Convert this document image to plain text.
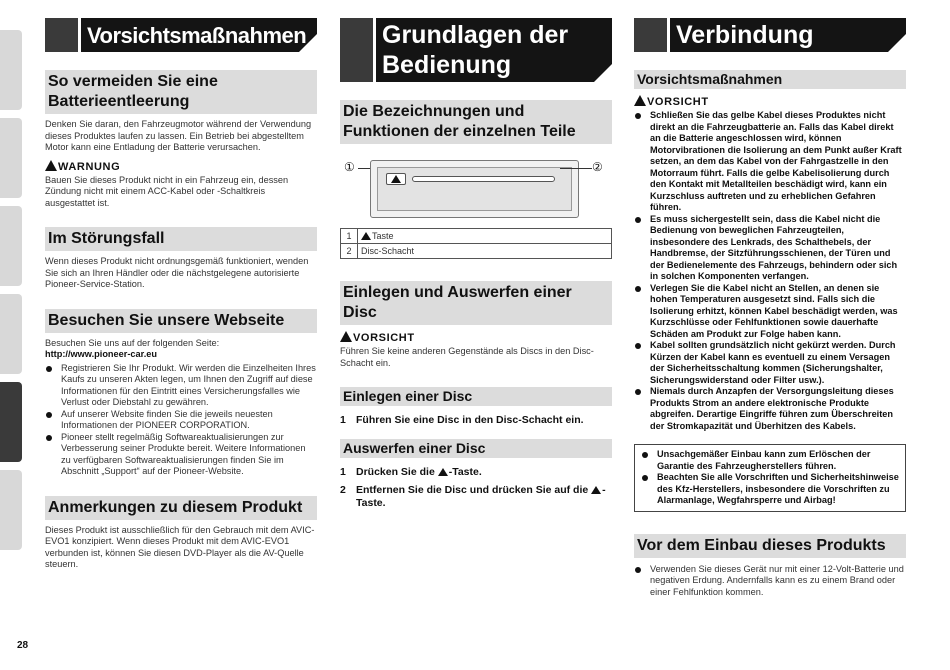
Vorsichtsmaßnahmen
So vermeiden Sie eine Batterieentleerung

Denken Sie daran, den Fahrzeugmotor während der Verwendung dieses Produktes laufen zu lassen. Ein Betrieb bei abgestelltem Motor kann eine Entladung der Batterie verursachen.

WARNUNG

Bauen Sie dieses Produkt nicht in ein Fahrzeug ein, dessen Zündung nicht mit einem ACC-Kabel oder -Schaltkreis ausgestattet ist.

Im Störungsfall

Wenn dieses Produkt nicht ordnungsgemäß funktioniert, wenden Sie sich an Ihren Händler oder die nächstgelegene autorisierte Pioneer-Service-Station.

Besuchen Sie unsere Webseite

Besuchen Sie uns auf der folgenden Seite:

http://www.pioneer-car.eu

Registrieren Sie Ihr Produkt. Wir werden die Einzelheiten Ihres Kaufs zu unseren Akten legen, um Ihnen den Zugriff auf diese Informationen für den Eintritt eines Versicherungsfalles wie Verlust oder Diebstahl zu gewähren.
Auf unserer Website finden Sie die jeweils neuesten Informationen der PIONEER CORPORATION.
Pioneer stellt regelmäßig Softwareaktualisierungen zur Verbesserung seiner Produkte bereit. Weitere Informationen zu verfügbaren Softwareaktualisierungen finden Sie im Abschnitt „Support“ auf der Pioneer-Website.
Anmerkungen zu diesem Produkt

Dieses Produkt ist ausschließlich für den Gebrauch mit dem AVIC-EVO1 konzipiert. Wenn dieses Produkt mit dem AVIC-EVO1 verbunden ist, können Sie diesen DVD-Player als die AV-Quelle steuern.

Grundlagen der
Bedienung
Die Bezeichnungen und Funktionen der einzelnen Teile
①	②
1	Taste
2	Disc-Schacht
Einlegen und Auswerfen einer Disc
VORSICHT

Führen Sie keine anderen Gegenstände als Discs in den Disc-Schacht ein.

Einlegen einer Disc
1 Führen Sie eine Disc in den Disc-Schacht ein.
Auswerfen einer Disc
1 Drücken Sie die -Taste.
2 Entfernen Sie die Disc und drücken Sie auf die -Taste.
Verbindung
Vorsichtsmaßnahmen
VORSICHT
Schließen Sie das gelbe Kabel dieses Produktes nicht direkt an die Fahrzeugbatterie an. Falls das Kabel direkt an die Batterie angeschlossen wird, können Motorvibrationen die Isolierung an dem Punkt außer Kraft setzen, an dem das Kabel von der Fahrgastzelle in den Motorraum führt. Falls die gelbe Kabelisolierung durch den Kontakt mit Metallteilen beschädigt wird, kann ein Kurzschluss auftreten und zu erheblichen Gefahren führen.
Es muss sichergestellt sein, dass die Kabel nicht die Bedienung von beweglichen Fahrzeugteilen, insbesondere des Lenkrads, des Schalthebels, der Handbremse, der Sitzführungsschienen, der Türen und der Bedienelemente des Fahrzeugs, behindern oder sich in solchen Komponenten verfangen.
Verlegen Sie die Kabel nicht an Stellen, an denen sie hohen Temperaturen ausgesetzt sind. Falls sich die Isolierung erhitzt, können Kabel beschädigt werden, was Kurzschlüsse oder Fehlfunktionen sowie dauerhafte Schäden am Produkt zur Folge haben kann.
Kabel sollten grundsätzlich nicht gekürzt werden. Durch Kürzen der Kabel kann es eventuell zu einem Versagen der Sicherheitsschaltung kommen (Sicherungshalter, Sicherungswiderstand oder Filter usw.).
Niemals durch Anzapfen der Versorgungsleitung dieses Produkts Strom an andere elektronische Produkte abgreifen. Derartige Eingriffe führen zum Überschreiten der Stromkapazität und Überhitzen des Kabels.
Unsachgemäßer Einbau kann zum Erlöschen der Garantie des Fahrzeugherstellers führen.
Beachten Sie alle Vorschriften und Sicherheitshinweise des Kfz-Herstellers, insbesondere die Vorschriften zu Alarmanlage, Wegfahrsperre und Airbag!
Vor dem Einbau dieses Produkts
Verwenden Sie dieses Gerät nur mit einer 12-Volt-Batterie und negativen Erdung. Andernfalls kann es zu einem Brand oder einer Fehlfunktion kommen.
28
